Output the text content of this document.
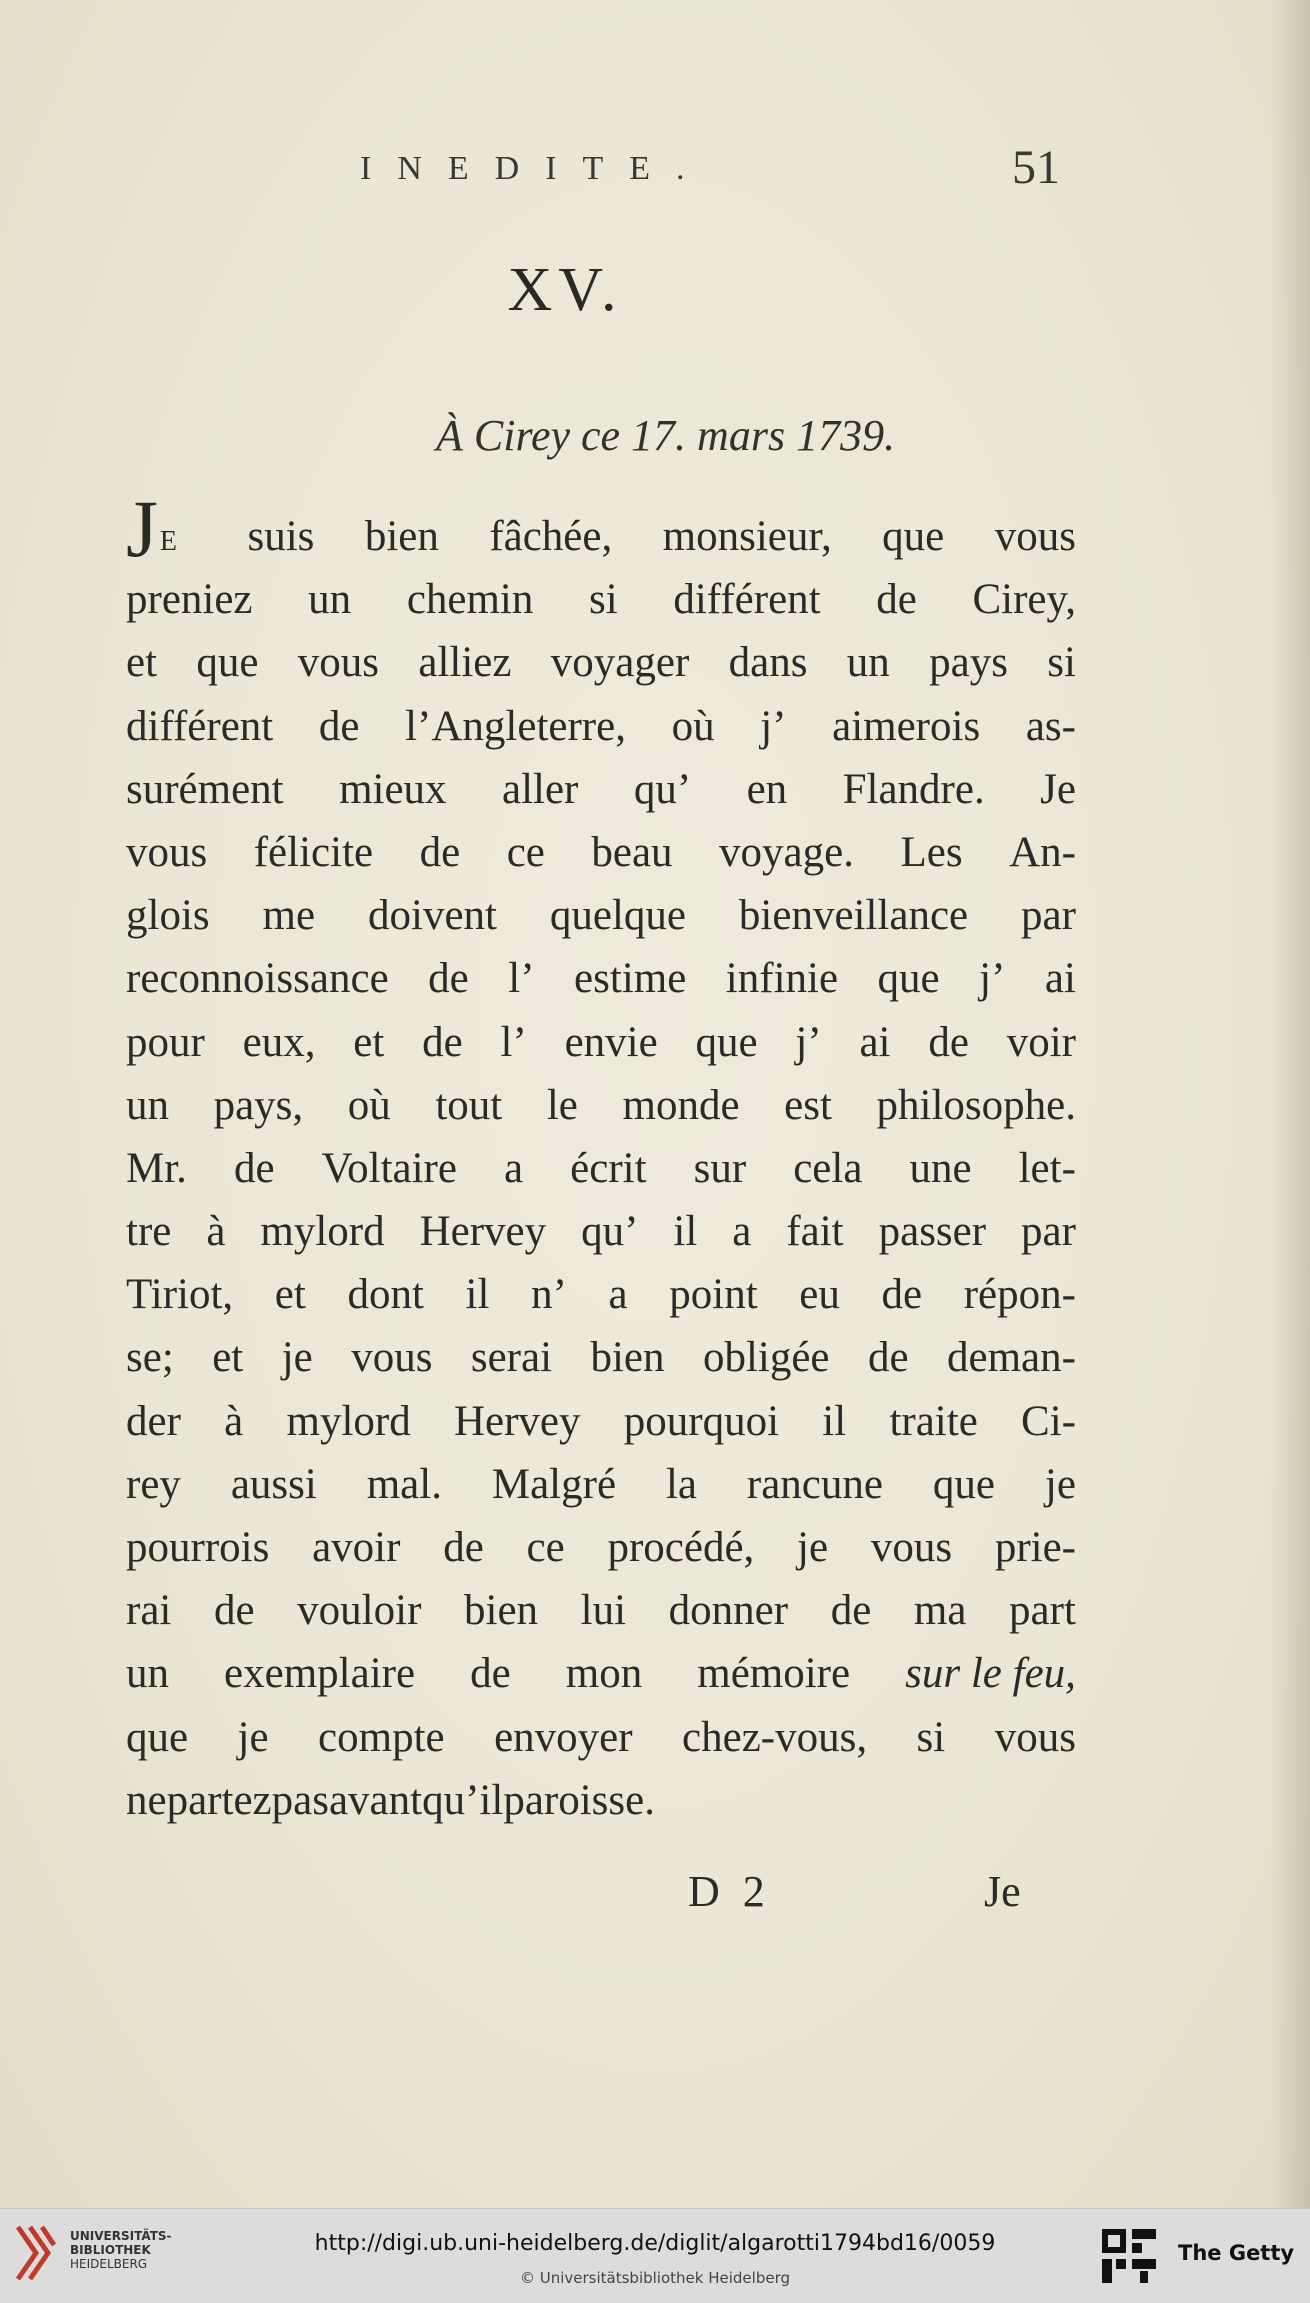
INEDITE.	51
XV.
À Cirey ce 17. mars 1739.
JE	suis bien fâchée, monsieur, que vous
preniez un chemin si différent de Cirey,
et que vous alliez voyager dans un pays si
différent de l’Angleterre, où j’ aimerois as-
surément mieux aller qu’ en Flandre. Je
vous félicite de ce beau voyage. Les An-
glois me doivent quelque bienveillance par
reconnoissance de l’ estime infinie que j’ ai
pour eux, et de l’ envie que j’ ai de voir
un pays, où tout le monde est philosophe.
Mr. de Voltaire a écrit sur cela une let-
tre à mylord Hervey qu’ il a fait passer par
Tiriot, et dont il n’ a point eu de répon-
se; et je vous serai bien obligée de deman-
der à mylord Hervey pourquoi il traite Ci-
rey aussi mal. Malgré la rancune que je
pourrois avoir de ce procédé, je vous prie-
rai de vouloir bien lui donner de ma part
un exemplaire de mon mémoire sur le feu,
que je compte envoyer chez-vous, si vous
ne partez pas avant qu’ il paroisse.
D 2	Je
UNIVERSITÄTS-
BIBLIOTHEK
HEIDELBERG
http://digi.ub.uni-heidelberg.de/diglit/algarotti1794bd16/0059
© Universitätsbibliothek Heidelberg
The Getty
